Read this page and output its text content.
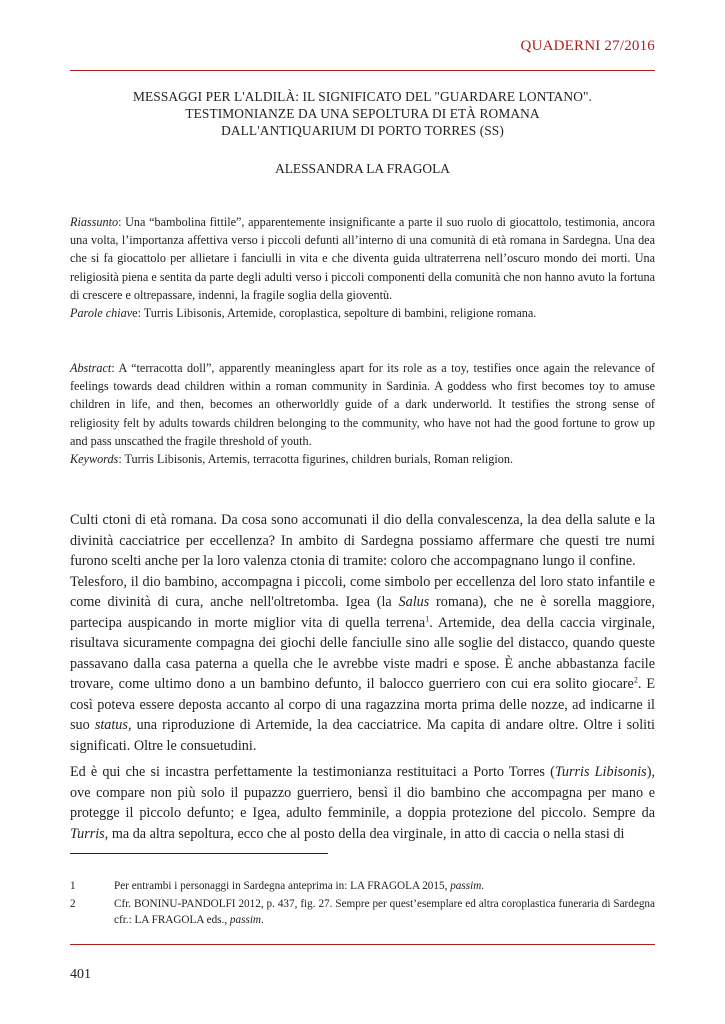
QUADERNI 27/2016
MESSAGGI PER L'ALDILÀ: IL SIGNIFICATO DEL "GUARDARE LONTANO".
TESTIMONIANZE DA UNA SEPOLTURA DI ETÀ ROMANA
DALL'ANTIQUARIUM DI PORTO TORRES (SS)
ALESSANDRA LA FRAGOLA

Riassunto: Una “bambolina fittile”, apparentemente insignificante a parte il suo ruolo di giocattolo, testimonia, ancora una volta, l’importanza affettiva verso i piccoli defunti all’interno di una comunità di età romana in Sardegna. Una dea che si fa giocattolo per allietare i fanciulli in vita e che diventa guida ultraterrena nell’oscuro mondo dei morti. Una religiosità piena e sentita da parte degli adulti verso i piccoli componenti della comunità che non hanno avuto la fortuna di crescere e oltrepassare, indenni, la fragile soglia della gioventù.

Parole chiave: Turris Libisonis, Artemide, coroplastica, sepolture di bambini, religione romana.

Abstract: A “terracotta doll”, apparently meaningless apart for its role as a toy, testifies once again the relevance of feelings towards dead children within a roman community in Sardinia. A goddess who first becomes toy to amuse children in life, and then, becomes an otherworldly guide of a dark underworld. It testifies the strong sense of religiosity felt by adults towards children belonging to the community, who have not had the good fortune to grow up and pass unscathed the fragile threshold of youth.

Keywords: Turris Libisonis, Artemis, terracotta figurines, children burials, Roman religion.

Culti ctoni di età romana. Da cosa sono accomunati il dio della convalescenza, la dea della salute e la divinità cacciatrice per eccellenza? In ambito di Sardegna possiamo affermare che questi tre numi furono scelti anche per la loro valenza ctonia di tramite: coloro che accompagnano lungo il confine.

Telesforo, il dio bambino, accompagna i piccoli, come simbolo per eccellenza del loro stato infantile e come divinità di cura, anche nell'oltretomba. Igea (la Salus romana), che ne è sorella maggiore, partecipa auspicando in morte miglior vita di quella terrena$^1$. Artemide, dea della caccia virginale, risultava sicuramente compagna dei giochi delle fanciulle sino alle soglie del distacco, quando queste passavano dalla casa paterna a quella che le avrebbe viste madri e spose. È anche abbastanza facile trovare, come ultimo dono a un bambino defunto, il balocco guerriero con cui era solito giocare$^2$. E così poteva essere deposta accanto al corpo di una ragazzina morta prima delle nozze, ad indicarne il suo status, una riproduzione di Artemide, la dea cacciatrice. Ma capita di andare oltre. Oltre i soliti significati. Oltre le consuetudini.

Ed è qui che si incastra perfettamente la testimonianza restituitaci a Porto Torres (Turris Libisonis), ove compare non più solo il pupazzo guerriero, bensì il dio bambino che accompagna per mano e protegge il piccolo defunto; e Igea, adulto femminile, a doppia protezione del piccolo. Sempre da Turris, ma da altra sepoltura, ecco che al posto della dea virginale, in atto di caccia o nella stasi di

1	Per entrambi i personaggi in Sardegna anteprima in: LA FRAGOLA 2015, passim.
2	Cfr. BONINU-PANDOLFI 2012, p. 437, fig. 27. Sempre per quest’esemplare ed altra coroplastica funeraria di Sardegna cfr.: LA FRAGOLA eds., passim.
401
